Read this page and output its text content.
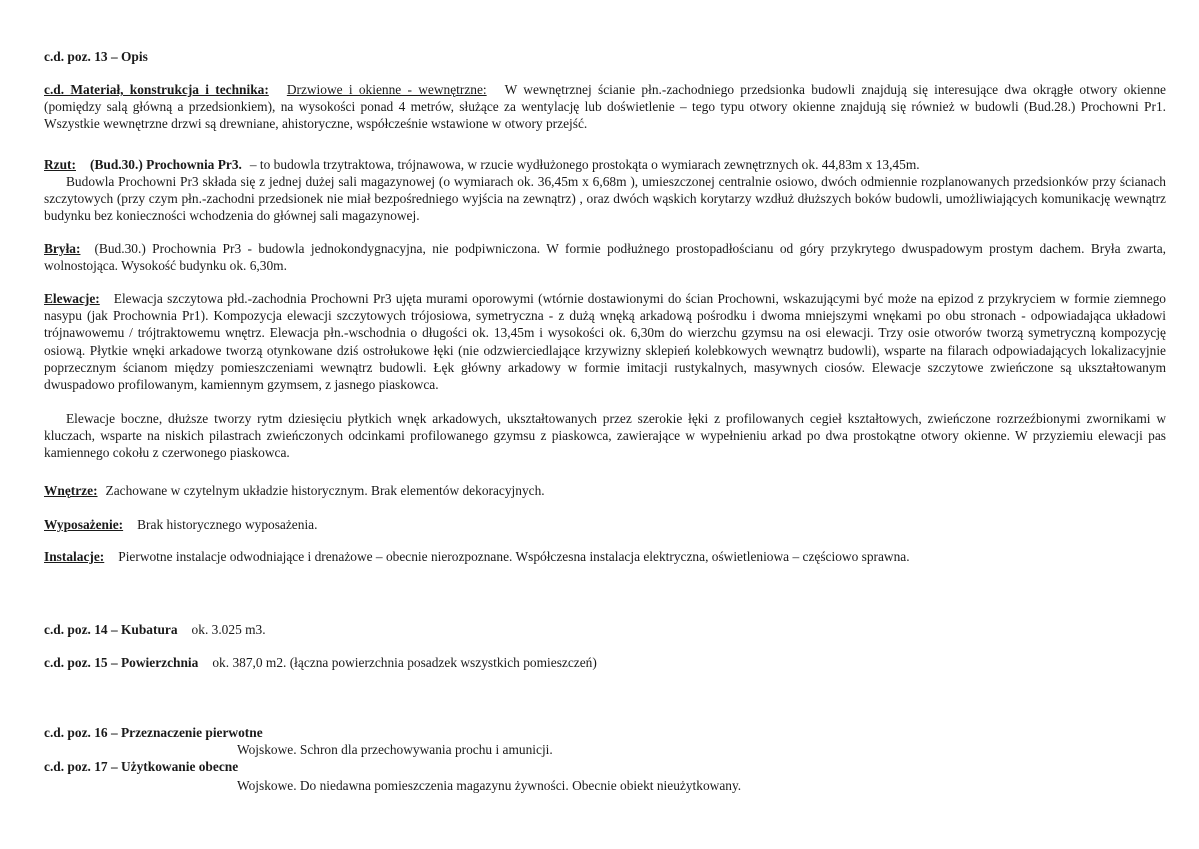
c.d. poz. 13 – Opis

c.d. Materiał, konstrukcja i technika: Drzwiowe i okienne - wewnętrzne: W wewnętrznej ścianie płn.-zachodniego przedsionka budowli znajdują się interesujące dwa okrągłe otwory okienne (pomiędzy salą główną a przedsionkiem), na wysokości ponad 4 metrów, służące za wentylację lub doświetlenie – tego typu otwory okienne znajdują się również w budowli (Bud.28.) Prochowni Pr1. Wszystkie wewnętrzne drzwi są drewniane, ahistoryczne, współcześnie wstawione w otwory przejść.

Rzut: (Bud.30.) Prochownia Pr3. – to budowla trzytraktowa, trójnawowa, w rzucie wydłużonego prostokąta o wymiarach zewnętrznych ok. 44,83m x 13,45m.

Budowla Prochowni Pr3 składa się z jednej dużej sali magazynowej (o wymiarach ok. 36,45m x 6,68m ), umieszczonej centralnie osiowo, dwóch odmiennie rozplanowanych przedsionków przy ścianach szczytowych (przy czym płn.-zachodni przedsionek nie miał bezpośredniego wyjścia na zewnątrz) , oraz dwóch wąskich korytarzy wzdłuż dłuższych boków budowli, umożliwiających komunikację wewnątrz budynku bez konieczności wchodzenia do głównej sali magazynowej.

Bryła: (Bud.30.) Prochownia Pr3 - budowla jednokondygnacyjna, nie podpiwniczona. W formie podłużnego prostopadłościanu od góry przykrytego dwuspadowym prostym dachem. Bryła zwarta, wolnostojąca. Wysokość budynku ok. 6,30m.

Elewacje: Elewacja szczytowa płd.-zachodnia Prochowni Pr3 ujęta murami oporowymi (wtórnie dostawionymi do ścian Prochowni, wskazującymi być może na epizod z przykryciem w formie ziemnego nasypu (jak Prochownia Pr1). Kompozycja elewacji szczytowych trójosiowa, symetryczna - z dużą wnęką arkadową pośrodku i dwoma mniejszymi wnękami po obu stronach - odpowiadająca układowi trójnawowemu / trójtraktowemu wnętrz. Elewacja płn.-wschodnia o długości ok. 13,45m i wysokości ok. 6,30m do wierzchu gzymsu na osi elewacji. Trzy osie otworów tworzą symetryczną kompozycję osiową. Płytkie wnęki arkadowe tworzą otynkowane dziś ostrołukowe łęki (nie odzwierciedlające krzywizny sklepień kolebkowych wewnątrz budowli), wsparte na filarach odpowiadających lokalizacyjnie poprzecznym ścianom między pomieszczeniami wewnątrz budowli. Łęk główny arkadowy w formie imitacji rustykalnych, masywnych ciosów. Elewacje szczytowe zwieńczone są ukształtowanym dwuspadowo profilowanym, kamiennym gzymsem, z jasnego piaskowca.

Elewacje boczne, dłuższe tworzy rytm dziesięciu płytkich wnęk arkadowych, ukształtowanych przez szerokie łęki z profilowanych cegieł kształtowych, zwieńczone rozrzeźbionymi zwornikami w kluczach, wsparte na niskich pilastrach zwieńczonych odcinkami profilowanego gzymsu z piaskowca, zawierające w wypełnieniu arkad po dwa prostokątne otwory okienne. W przyziemiu elewacji pas kamiennego cokołu z czerwonego piaskowca.

Wnętrze: Zachowane w czytelnym układzie historycznym. Brak elementów dekoracyjnych.
Wyposażenie: Brak historycznego wyposażenia.
Instalacje: Pierwotne instalacje odwodniające i drenażowe – obecnie nierozpoznane. Współczesna instalacja elektryczna, oświetleniowa – częściowo sprawna.
c.d. poz. 14 – Kubatura ok. 3.025 m3.
c.d. poz. 15 – Powierzchnia ok. 387,0 m2. (łączna powierzchnia posadzek wszystkich pomieszczeń)
c.d. poz. 16 – Przeznaczenie pierwotne
Wojskowe. Schron dla przechowywania prochu i amunicji.
c.d. poz. 17 – Użytkowanie obecne
Wojskowe. Do niedawna pomieszczenia magazynu żywności. Obecnie obiekt nieużytkowany.
